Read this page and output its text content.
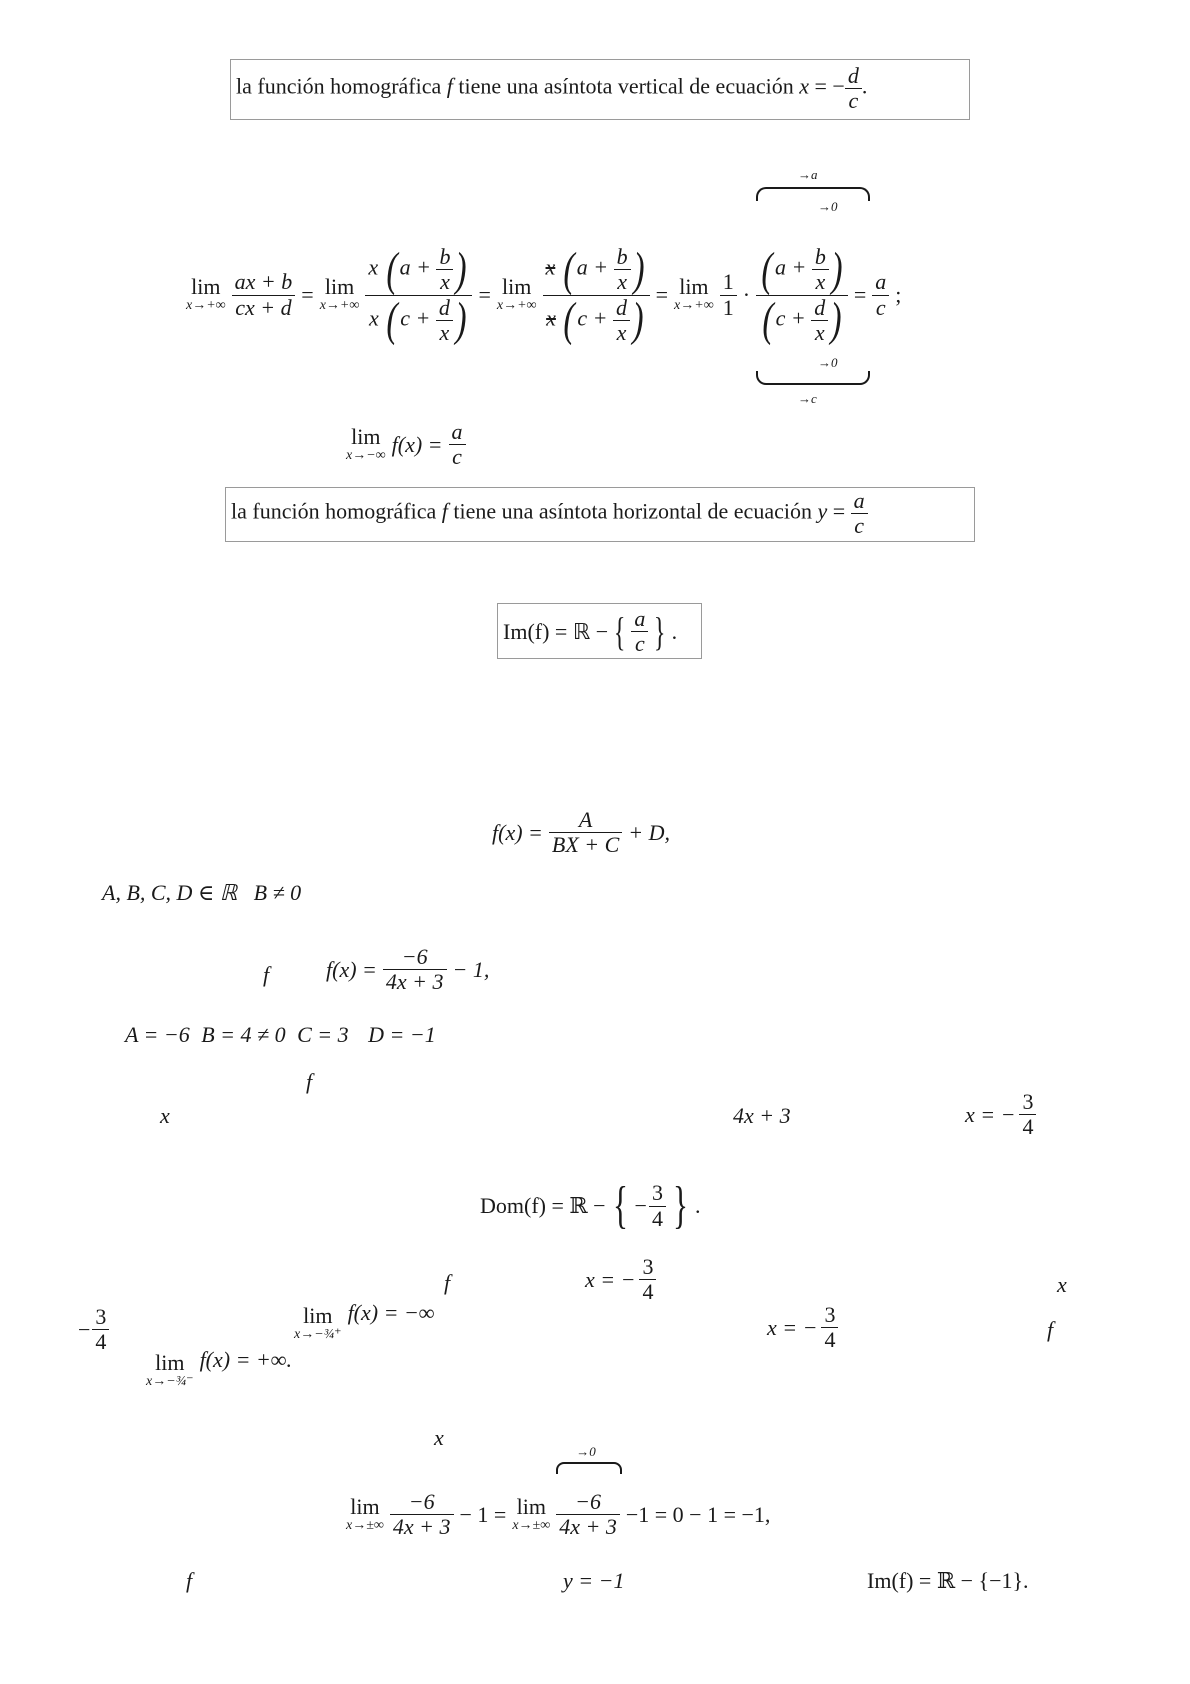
la función homográfica f tiene una asíntota vertical de ecuación x = − $\frac{d}{c}$ .
lim
$x\to+\infty \frac{ax + b}{cx + d} = \lim$
$x\to+\infty \frac{x ( a + \frac{b}{x} )}{x ( c + \frac{d}{x} )} = \lim$
$x\to+\infty \frac{x ( a + \frac{b}{x} )}{x ( c + \frac{d}{x} )} = \lim$
$x\to+\infty \frac{1}{1}$ ·
→a
→0
$\frac{( a + \frac{b}{x} )}{( c + \frac{d}{x} )}$
→0
→c
= $\frac{a}{c}$ ;
lim
x→−∞ $f(x) = \frac{a}{c}$
la función homográfica f tiene una asíntota horizontal de ecuación $y = \frac{a}{c}$
Im(f) = ℝ − { $\frac{a}{c}$ } .
$f(x) = \frac{A}{BX + C} + D$,
A, B, C, D ∈ ℝ   B ≠ 0
f	$f(x) = \frac{-6}{4x + 3} - 1$,
A = −6 B = 4 ≠ 0 C = 3 D = −1
f
x	4x + 3	x = − $\frac{3}{4}$
Dom(f) = ℝ − { − $\frac{3}{4}$ } .
f	x = − $\frac{3}{4}$	x
− $\frac{3}{4}$	lim
x→−¾⁺
f(x) = −∞
x = − $\frac{3}{4}$	f
lim
x→−¾⁻
f(x) = +∞.
x
lim
$x\to\pm\infty \frac{-6}{4x + 3} - 1 = \lim$
x→±∞
→0
$\frac{-6}{4x + 3} -1 = 0 - 1 = -1$,
f	y = −1	Im(f) = ℝ − {−1}.
